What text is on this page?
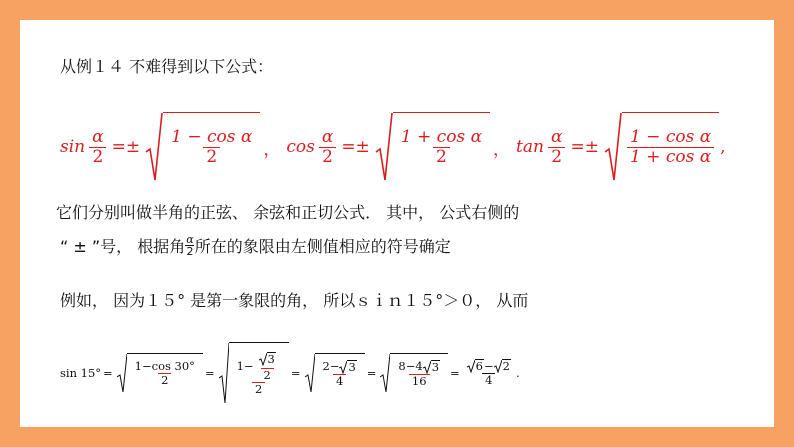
从例１４ 不难得到以下公式：
$\sin \frac{\alpha}{2} =\pm \frac{\text{1 − cos α}}{2}$ ， $\cos \frac{\alpha}{2} =\pm \frac{\text{1 + cos α}}{2}$ ， $\tan \frac{\alpha}{2} =\pm \frac{\text{1 − cos α}}{\text{1 + cos α}}$ ,
它们分别叫做半角的正弦、 余弦和正切公式． 其中， 公式右侧的
“ ± ”号， 根据角 $\frac{\alpha}{2}$ 所在的象限由左侧值相应的符号确定
例如， 因为１５° 是第一象限的角， 所以ｓｉｎ１５°＞０， 从而
$\sin 15^\circ = \frac{1-\cos 30^\circ}{2} = 1- \frac{3}{2}$
2
= $\frac{2- 3}{4} = \frac{8-4 3}{16} = \frac{6 - 2}{4}$ .
